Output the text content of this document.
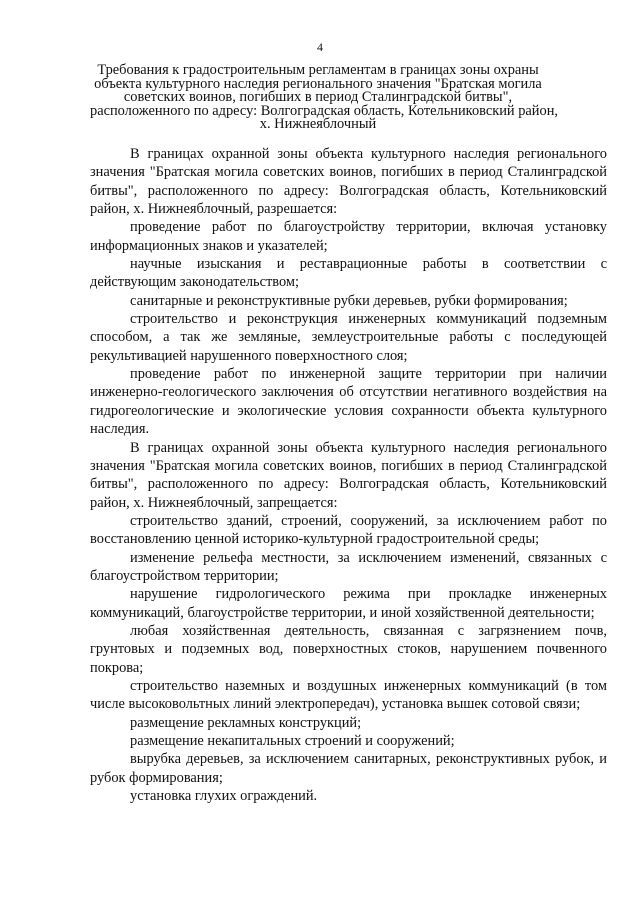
4
Требования к градостроительным регламентам в границах зоны охраны
объекта культурного наследия регионального значения "Братская могила
советских воинов, погибших в период Сталинградской битвы",
расположенного по адресу: Волгоградская область, Котельниковский район,
х. Нижнеяблочный

В границах охранной зоны объекта культурного наследия регионального значения "Братская могила советских воинов, погибших в период Сталинградской битвы", расположенного по адресу: Волгоградская область, Котельниковский район, х. Нижнеяблочный, разрешается:

проведение работ по благоустройству территории, включая установку информационных знаков и указателей;

научные изыскания и реставрационные работы в соответствии с действующим законодательством;

санитарные и реконструктивные рубки деревьев, рубки формирования;

строительство и реконструкция инженерных коммуникаций подземным способом, а так же земляные, землеустроительные работы с последующей рекультивацией нарушенного поверхностного слоя;

проведение работ по инженерной защите территории при наличии инженерно-геологического заключения об отсутствии негативного воздействия на гидрогеологические и экологические условия сохранности объекта культурного наследия.

В границах охранной зоны объекта культурного наследия регионального значения "Братская могила советских воинов, погибших в период Сталинградской битвы", расположенного по адресу: Волгоградская область, Котельниковский район, х. Нижнеяблочный, запрещается:

строительство зданий, строений, сооружений, за исключением работ по восстановлению ценной историко-культурной градостроительной среды;

изменение рельефа местности, за исключением изменений, связанных с благоустройством территории;

нарушение гидрологического режима при прокладке инженерных коммуникаций, благоустройстве территории, и иной хозяйственной деятельности;

любая хозяйственная деятельность, связанная с загрязнением почв, грунтовых и подземных вод, поверхностных стоков, нарушением почвенного покрова;

строительство наземных и воздушных инженерных коммуникаций (в том числе высоковольтных линий электропередач), установка вышек сотовой связи;

размещение рекламных конструкций;

размещение некапитальных строений и сооружений;

вырубка деревьев, за исключением санитарных, реконструктивных рубок, и рубок формирования;

установка глухих ограждений.
